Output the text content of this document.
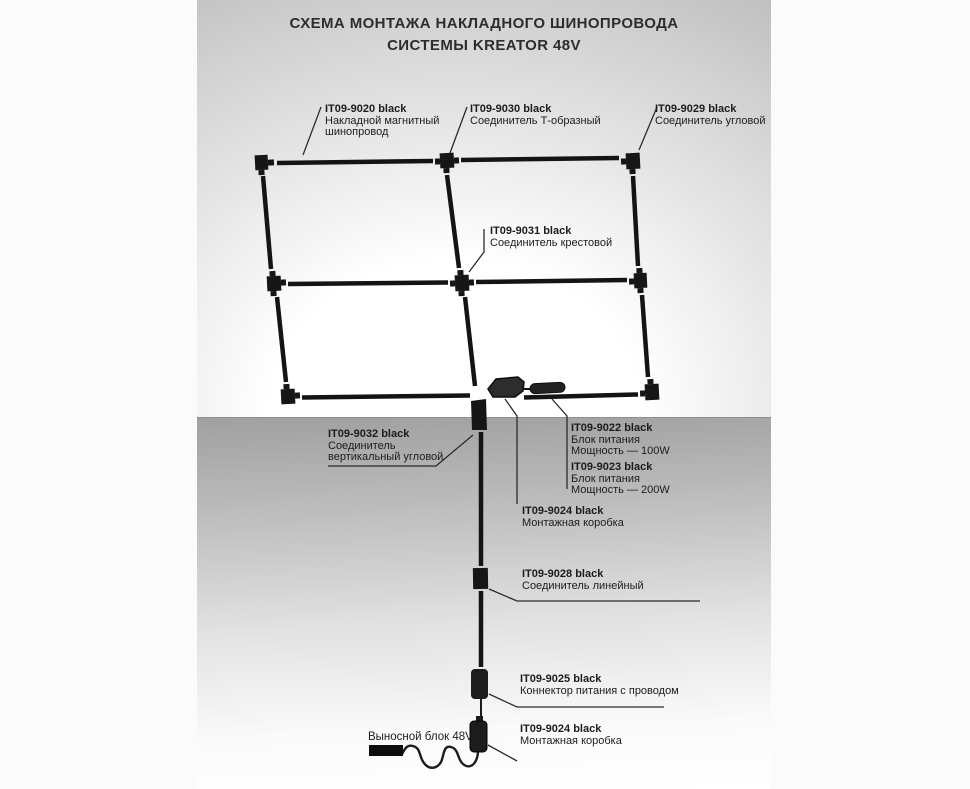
СХЕМА МОНТАЖА НАКЛАДНОГО ШИНОПРОВОДА
СИСТЕМЫ KREATOR 48V
IT09-9020 black
Накладной магнитный
шинопровод
IT09-9030 black
Соединитель Т-образный
IT09-9029 black
Соединитель угловой
IT09-9031 black
Соединитель крестовой
IT09-9032 black
Соединитель
вертикальный угловой
IT09-9022 black
Блок питания
Мощность — 100W
IT09-9023 black
Блок питания
Мощность — 200W
IT09-9024 black
Монтажная коробка
IT09-9028 black
Соединитель линейный
IT09-9025 black
Коннектор питания с проводом
IT09-9024 black
Монтажная коробка
Выносной блок 48V
